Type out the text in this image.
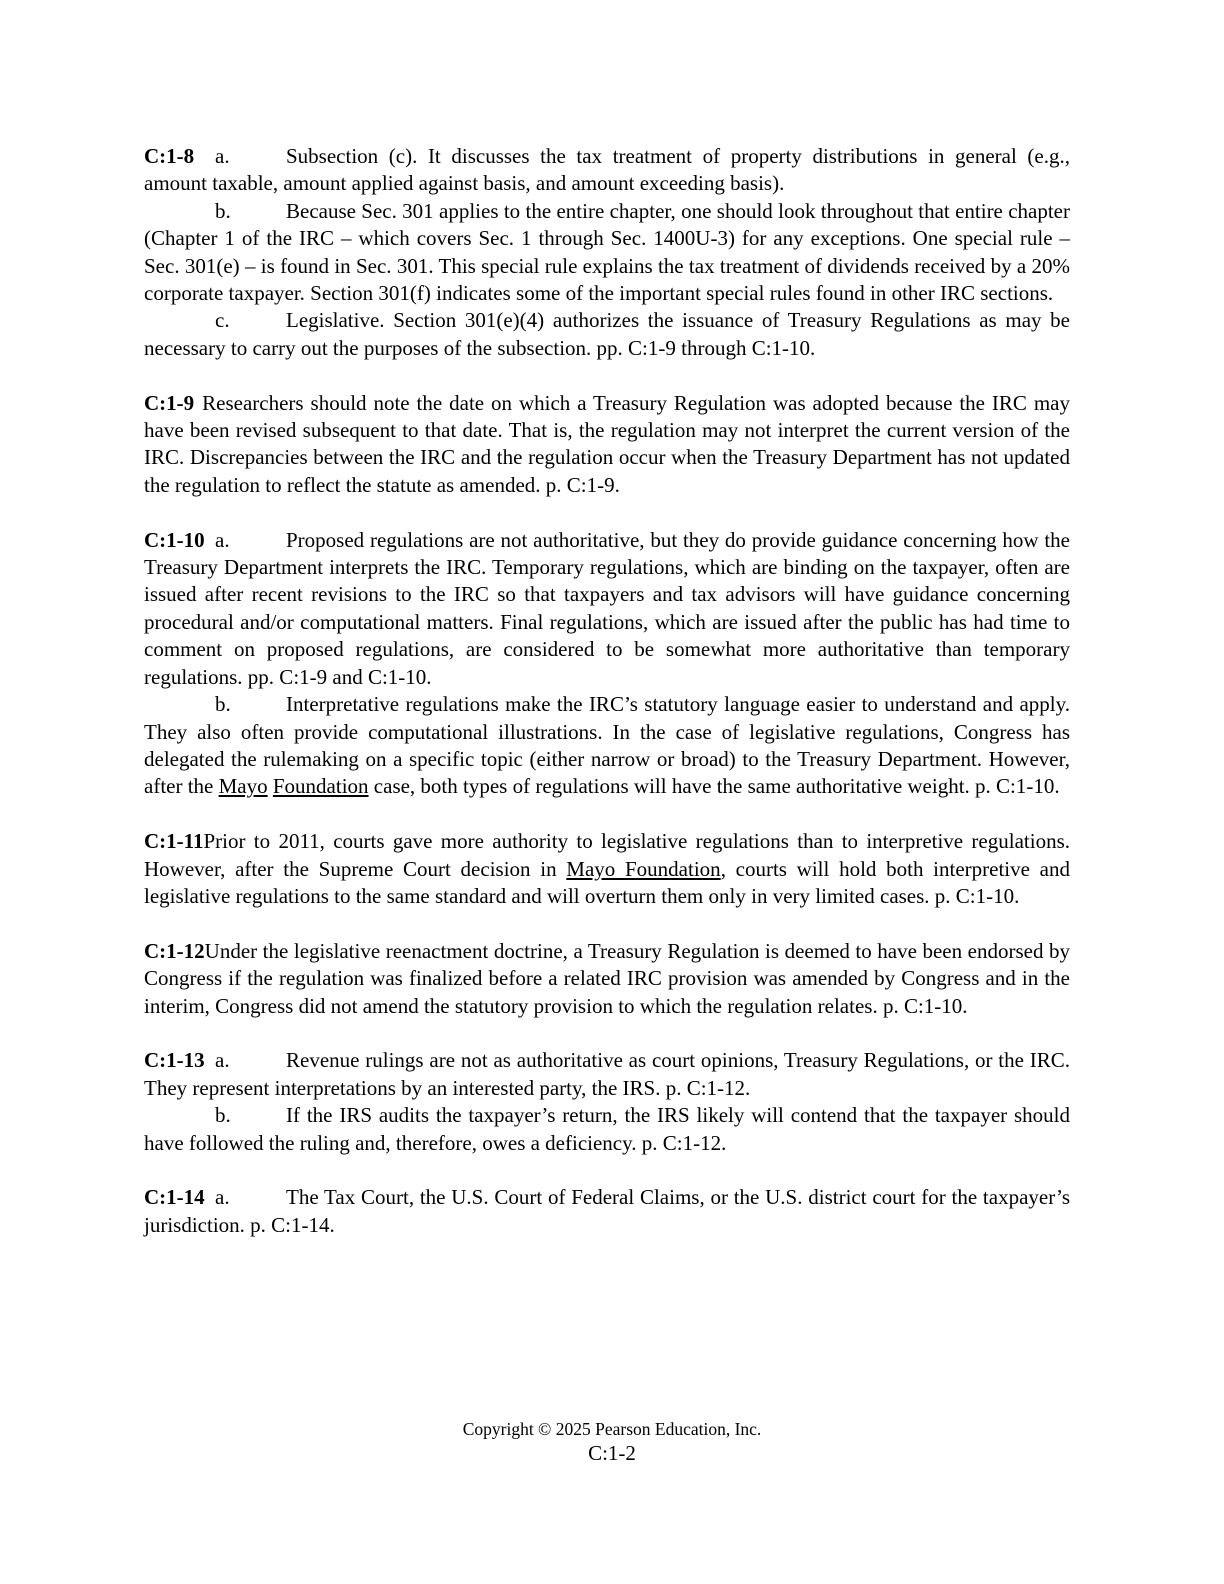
C:1-8 a.	Subsection (c). It discusses the tax treatment of property distributions in general (e.g., amount taxable, amount applied against basis, and amount exceeding basis).

b.	Because Sec. 301 applies to the entire chapter, one should look throughout that entire chapter (Chapter 1 of the IRC – which covers Sec. 1 through Sec. 1400U-3) for any exceptions. One special rule – Sec. 301(e) – is found in Sec. 301. This special rule explains the tax treatment of dividends received by a 20% corporate taxpayer. Section 301(f) indicates some of the important special rules found in other IRC sections.

c.	Legislative. Section 301(e)(4) authorizes the issuance of Treasury Regulations as may be necessary to carry out the purposes of the subsection. pp. C:1-9 through C:1-10.

C:1-9 Researchers should note the date on which a Treasury Regulation was adopted because the IRC may have been revised subsequent to that date. That is, the regulation may not interpret the current version of the IRC. Discrepancies between the IRC and the regulation occur when the Treasury Department has not updated the regulation to reflect the statute as amended. p. C:1-9.

C:1-10 a.	Proposed regulations are not authoritative, but they do provide guidance concerning how the Treasury Department interprets the IRC. Temporary regulations, which are binding on the taxpayer, often are issued after recent revisions to the IRC so that taxpayers and tax advisors will have guidance concerning procedural and/or computational matters. Final regulations, which are issued after the public has had time to comment on proposed regulations, are considered to be somewhat more authoritative than temporary regulations. pp. C:1-9 and C:1-10.

b.	Interpretative regulations make the IRC’s statutory language easier to understand and apply. They also often provide computational illustrations. In the case of legislative regulations, Congress has delegated the rulemaking on a specific topic (either narrow or broad) to the Treasury Department. However, after the Mayo Foundation case, both types of regulations will have the same authoritative weight. p. C:1-10.

C:1-11Prior to 2011, courts gave more authority to legislative regulations than to interpretive regulations. However, after the Supreme Court decision in Mayo Foundation, courts will hold both interpretive and legislative regulations to the same standard and will overturn them only in very limited cases. p. C:1-10.

C:1-12Under the legislative reenactment doctrine, a Treasury Regulation is deemed to have been endorsed by Congress if the regulation was finalized before a related IRC provision was amended by Congress and in the interim, Congress did not amend the statutory provision to which the regulation relates. p. C:1-10.

C:1-13 a.	Revenue rulings are not as authoritative as court opinions, Treasury Regulations, or the IRC. They represent interpretations by an interested party, the IRS. p. C:1-12.

b.	If the IRS audits the taxpayer’s return, the IRS likely will contend that the taxpayer should have followed the ruling and, therefore, owes a deficiency. p. C:1-12.

C:1-14 a.	The Tax Court, the U.S. Court of Federal Claims, or the U.S. district court for the taxpayer’s jurisdiction. p. C:1-14.

Copyright © 2025 Pearson Education, Inc.
C:1-2
